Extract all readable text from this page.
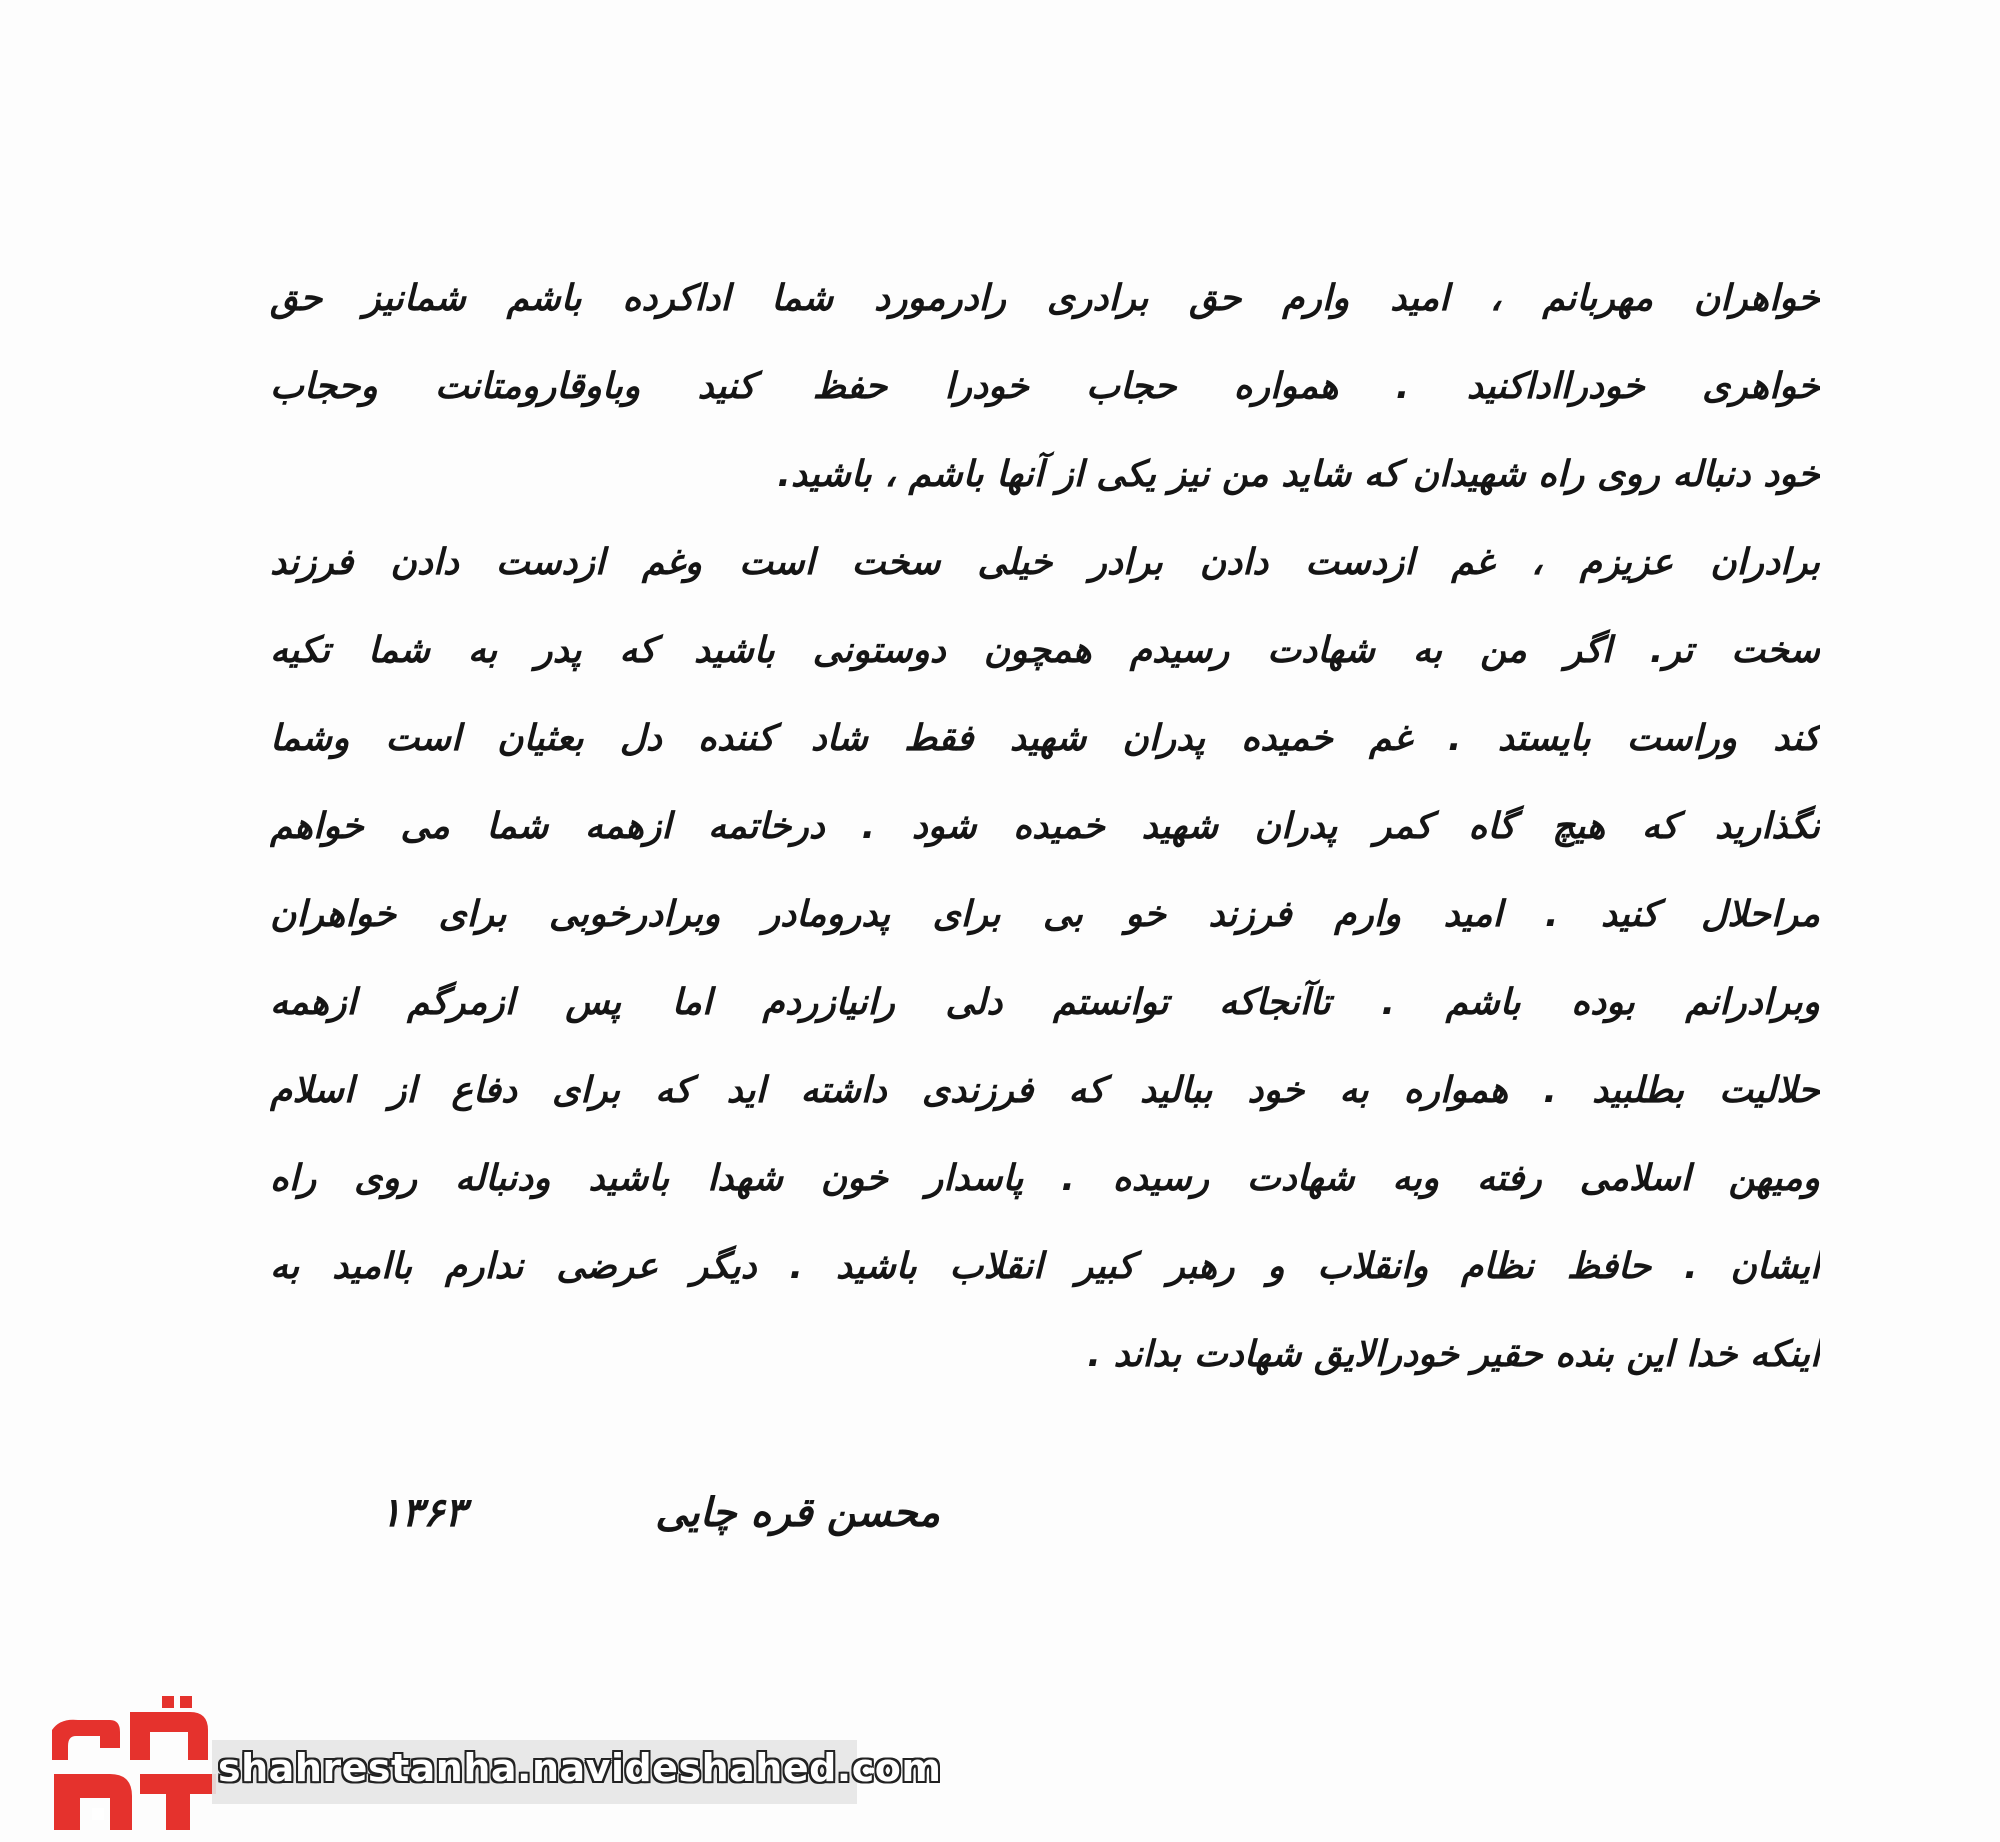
خواهران مهربانم ، امید وارم حق برادری رادرمورد شما اداکرده باشم شمانیز حق
خواهری خودرااداکنید . همواره حجاب خودرا حفظ کنید وباوقارومتانت وحجاب
خود دنباله روی راه شهیدان که شاید من نیز یکی از آنها باشم ، باشید.
برادران عزیزم ، غم ازدست دادن برادر خیلی سخت است وغم ازدست دادن فرزند
سخت تر. اگر من به شهادت رسیدم همچون دوستونی باشید که پدر به شما تکیه
کند وراست بایستد . غم خمیده پدران شهید فقط شاد کننده دل بعثیان است وشما
نگذارید که هیچ گاه کمر پدران شهید خمیده شود . درخاتمه ازهمه شما می خواهم
مراحلال کنید . امید وارم فرزند خو بی برای پدرومادر وبرادرخوبی برای خواهران
وبرادرانم بوده باشم . تاآنجاکه توانستم دلی رانیازردم اما پس ازمرگم ازهمه
حلالیت بطلبید . همواره به خود ببالید که فرزندی داشته اید که برای دفاع از اسلام
ومیهن اسلامی رفته وبه شهادت رسیده . پاسدار خون شهدا باشید ودنباله روی راه
ایشان . حافظ نظام وانقلاب و رهبر کبیر انقلاب باشید . دیگر عرضی ندارم باامید به
اینکه خدا این بنده حقیر خودرالایق شهادت بداند .
محسن قره چایی
۱۳۶۳
shahrestanha.navideshahed.com
